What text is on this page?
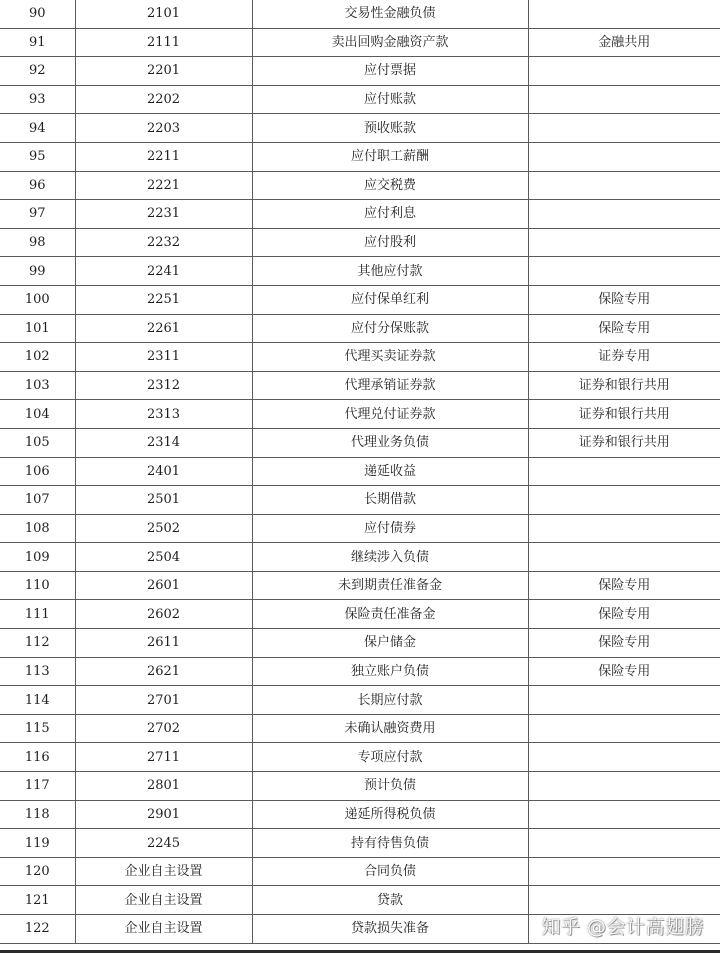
90	2101	交易性金融负债	
91	2111	卖出回购金融资产款	金融共用
92	2201	应付票据	
93	2202	应付账款	
94	2203	预收账款	
95	2211	应付职工薪酬	
96	2221	应交税费	
97	2231	应付利息	
98	2232	应付股利	
99	2241	其他应付款	
100	2251	应付保单红利	保险专用
101	2261	应付分保账款	保险专用
102	2311	代理买卖证券款	证券专用
103	2312	代理承销证券款	证券和银行共用
104	2313	代理兑付证券款	证券和银行共用
105	2314	代理业务负债	证券和银行共用
106	2401	递延收益	
107	2501	长期借款	
108	2502	应付债券	
109	2504	继续涉入负债	
110	2601	未到期责任准备金	保险专用
111	2602	保险责任准备金	保险专用
112	2611	保户储金	保险专用
113	2621	独立账户负债	保险专用
114	2701	长期应付款	
115	2702	未确认融资费用	
116	2711	专项应付款	
117	2801	预计负债	
118	2901	递延所得税负债	
119	2245	持有待售负债	
120	企业自主设置	合同负债	
121	企业自主设置	贷款	
122	企业自主设置	贷款损失准备		知乎 @会计高翅膀
